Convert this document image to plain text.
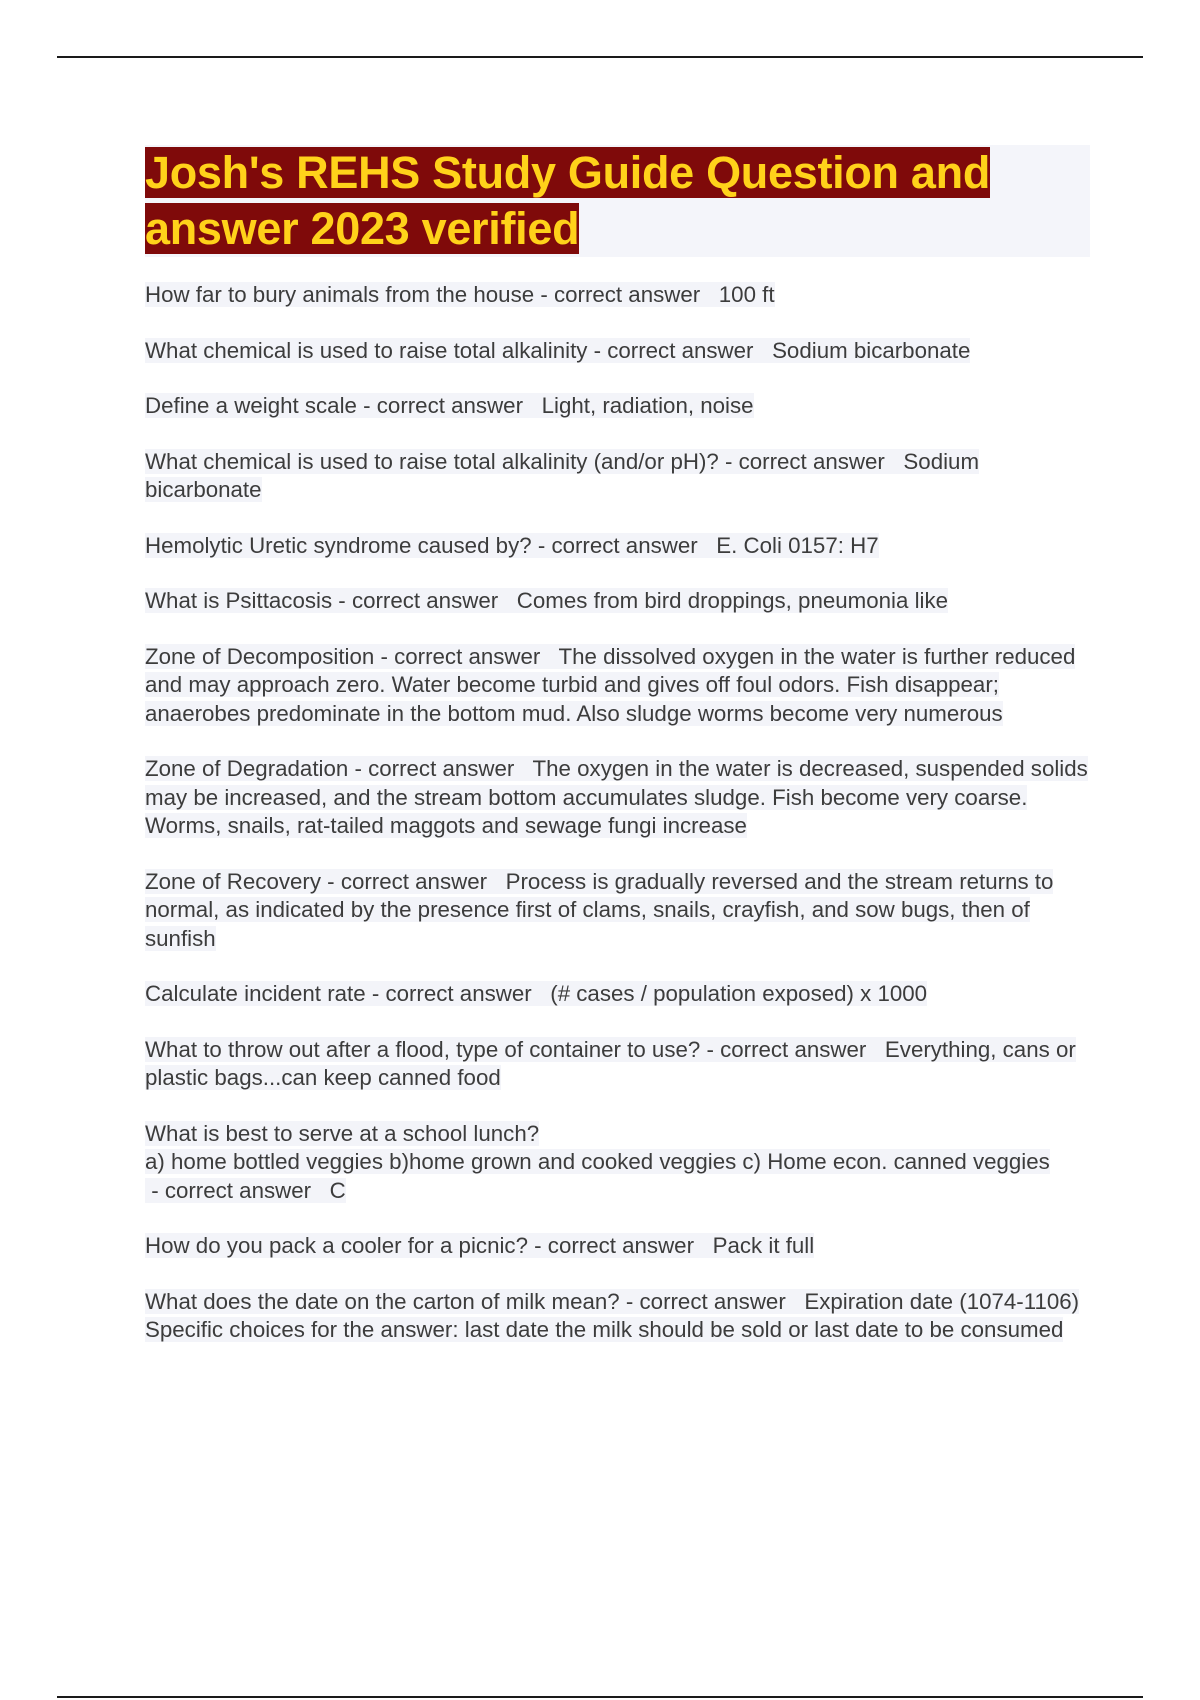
Josh's REHS Study Guide Question and answer 2023 verified

How far to bury animals from the house - correct answer 100 ft

What chemical is used to raise total alkalinity - correct answer Sodium bicarbonate

Define a weight scale - correct answer Light, radiation, noise

What chemical is used to raise total alkalinity (and/or pH)? - correct answer Sodium bicarbonate

Hemolytic Uretic syndrome caused by? - correct answer E. Coli 0157: H7

What is Psittacosis - correct answer Comes from bird droppings, pneumonia like

Zone of Decomposition - correct answer The dissolved oxygen in the water is further reduced and may approach zero. Water become turbid and gives off foul odors. Fish disappear; anaerobes predominate in the bottom mud. Also sludge worms become very numerous

Zone of Degradation - correct answer The oxygen in the water is decreased, suspended solids may be increased, and the stream bottom accumulates sludge. Fish become very coarse. Worms, snails, rat-tailed maggots and sewage fungi increase

Zone of Recovery - correct answer Process is gradually reversed and the stream returns to normal, as indicated by the presence first of clams, snails, crayfish, and sow bugs, then of sunfish

Calculate incident rate - correct answer (# cases / population exposed) x 1000

What to throw out after a flood, type of container to use? - correct answer Everything, cans or plastic bags...can keep canned food

What is best to serve at a school lunch?
a) home bottled veggies b)home grown and cooked veggies c) Home econ. canned veggies - correct answer C

How do you pack a cooler for a picnic? - correct answer Pack it full

What does the date on the carton of milk mean? - correct answer Expiration date (1074-1106) Specific choices for the answer: last date the milk should be sold or last date to be consumed
